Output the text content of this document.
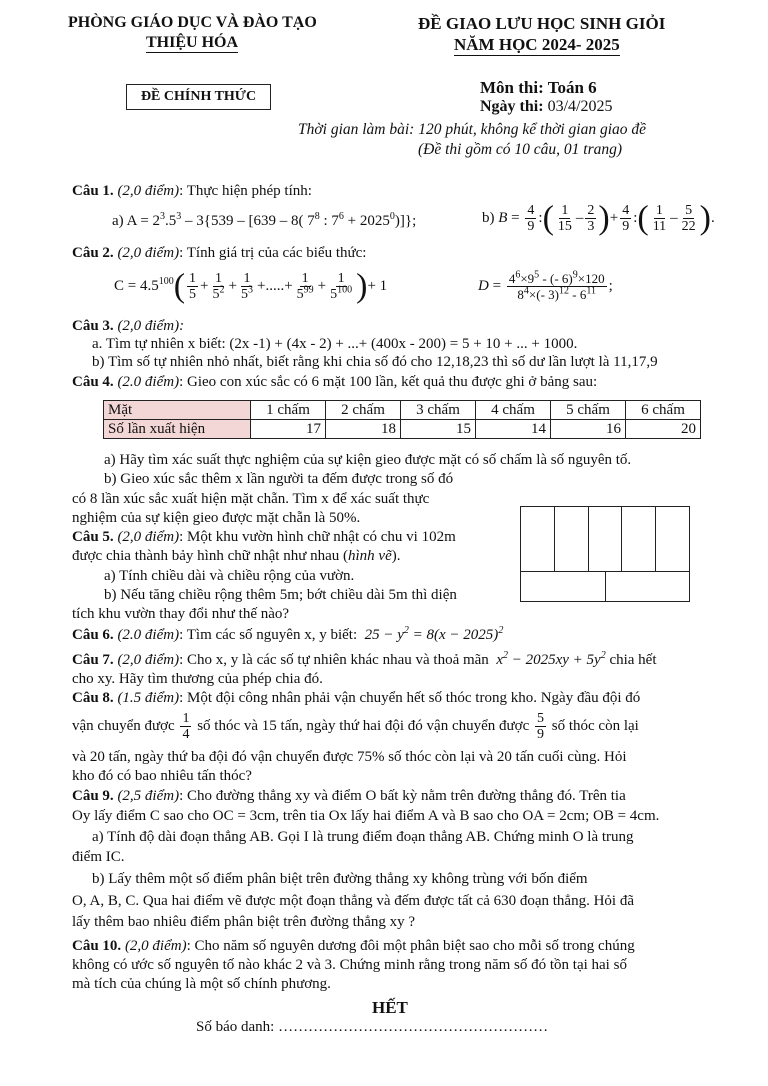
PHÒNG GIÁO DỤC VÀ ĐÀO TẠO
THIỆU HÓA
ĐỀ GIAO LƯU HỌC SINH GIỎI
NĂM HỌC 2024- 2025
ĐỀ CHÍNH THỨC	Môn thi: Toán 6
Ngày thi: 03/4/2025
Thời gian làm bài: 120 phút, không kể thời gian giao đề
(Đề thi gồm có 10 câu, 01 trang)
Câu 1. (2,0 điểm): Thực hiện phép tính:
a) $A = 2^3.5^3 - 3\{539 - [639 - 8$( $7^8$ : $7^6 + 2025^0$)]};	b) $B = \frac{4}{9}$ :( $\frac{1}{15} - \frac{2}{3}$ )+ $\frac{4}{9}$ :( $\frac{1}{11} - \frac{5}{22}$ ).
Câu 2. (2,0 điểm): Tính giá trị của các biểu thức:
$C = 4.5^{100}( \frac{1}{5} + \frac{1}{5^2} + \frac{1}{5^3}$ +.....+ $\frac{1}{5^{99}} + \frac{1}{5^{100}}$ )+ 1	$D = \frac{4^6\times 9^5 - (- 6)^9\times 120}{8^4\times(- 3)^{12} - 6^{11}}$ ;
Câu 3. (2,0 điểm):
a. Tìm tự nhiên x biết: (2x -1) + (4x - 2) + ...+ (400x - 200) = 5 + 10 + ... + 1000.
b) Tìm số tự nhiên nhỏ nhất, biết rằng khi chia số đó cho 12,18,23 thì số dư lần lượt là 11,17,9
Câu 4. (2.0 điểm): Gieo con xúc sắc có 6 mặt 100 lần, kết quả thu được ghi ở bảng sau:
Mặt	1 chấm	2 chấm	3 chấm	4 chấm	5 chấm	6 chấm
Số lần xuất hiện	17	18	15	14	16	20
a) Hãy tìm xác suất thực nghiệm của sự kiện gieo được mặt có số chấm là số nguyên tố.
b) Gieo xúc sắc thêm x lần người ta đếm được trong số đó
có 8 lần xúc sắc xuất hiện mặt chẵn. Tìm x để xác suất thực
nghiệm của sự kiện gieo được mặt chẵn là 50%.
Câu 5. (2,0 điểm): Một khu vườn hình chữ nhật có chu vi 102m
được chia thành bảy hình chữ nhật như nhau (hình vẽ).
a) Tính chiều dài và chiều rộng của vườn.
b) Nếu tăng chiều rộng thêm 5m; bớt chiều dài 5m thì diện
tích khu vườn thay đổi như thế nào?
Câu 6. (2.0 điểm): Tìm các số nguyên x, y biết:  $25 - y^2 = 8(x - 2025)^2$
Câu 7. (2,0 điểm): Cho x, y là các số tự nhiên khác nhau và thoả mãn  $x^2 - 2025xy + 5y^2$ chia hết
cho xy. Hãy tìm thương của phép chia đó.
Câu 8. (1.5 điểm): Một đội công nhân phải vận chuyển hết số thóc trong kho. Ngày đầu đội đó
vận chuyển được $\frac{1}{4}$ số thóc và 15 tấn, ngày thứ hai đội đó vận chuyển được $\frac{5}{9}$ số thóc còn lại
và 20 tấn, ngày thứ ba đội đó vận chuyển được 75% số thóc còn lại và 20 tấn cuối cùng. Hỏi
kho đó có bao nhiêu tấn thóc?
Câu 9. (2,5 điểm): Cho đường thẳng xy và điểm O bất kỳ nằm trên đường thẳng đó. Trên tia
Oy lấy điểm C sao cho OC = 3cm, trên tia Ox lấy hai điểm A và B sao cho OA = 2cm; OB = 4cm.
a) Tính độ dài đoạn thẳng AB. Gọi I là trung điểm đoạn thẳng AB. Chứng minh O là trung
điểm IC.
b) Lấy thêm một số điểm phân biệt trên đường thẳng xy không trùng với bốn điểm
O, A, B, C. Qua hai điểm vẽ được một đoạn thẳng và đếm được tất cả 630 đoạn thẳng. Hỏi đã
lấy thêm bao nhiêu điểm phân biệt trên đường thẳng xy ?
Câu 10. (2,0 điểm): Cho năm số nguyên dương đôi một phân biệt sao cho mỗi số trong chúng
không có ước số nguyên tố nào khác 2 và 3. Chứng minh rằng trong năm số đó tồn tại hai số
mà tích của chúng là một số chính phương.
HẾT
Số báo danh: ………………………………………………
